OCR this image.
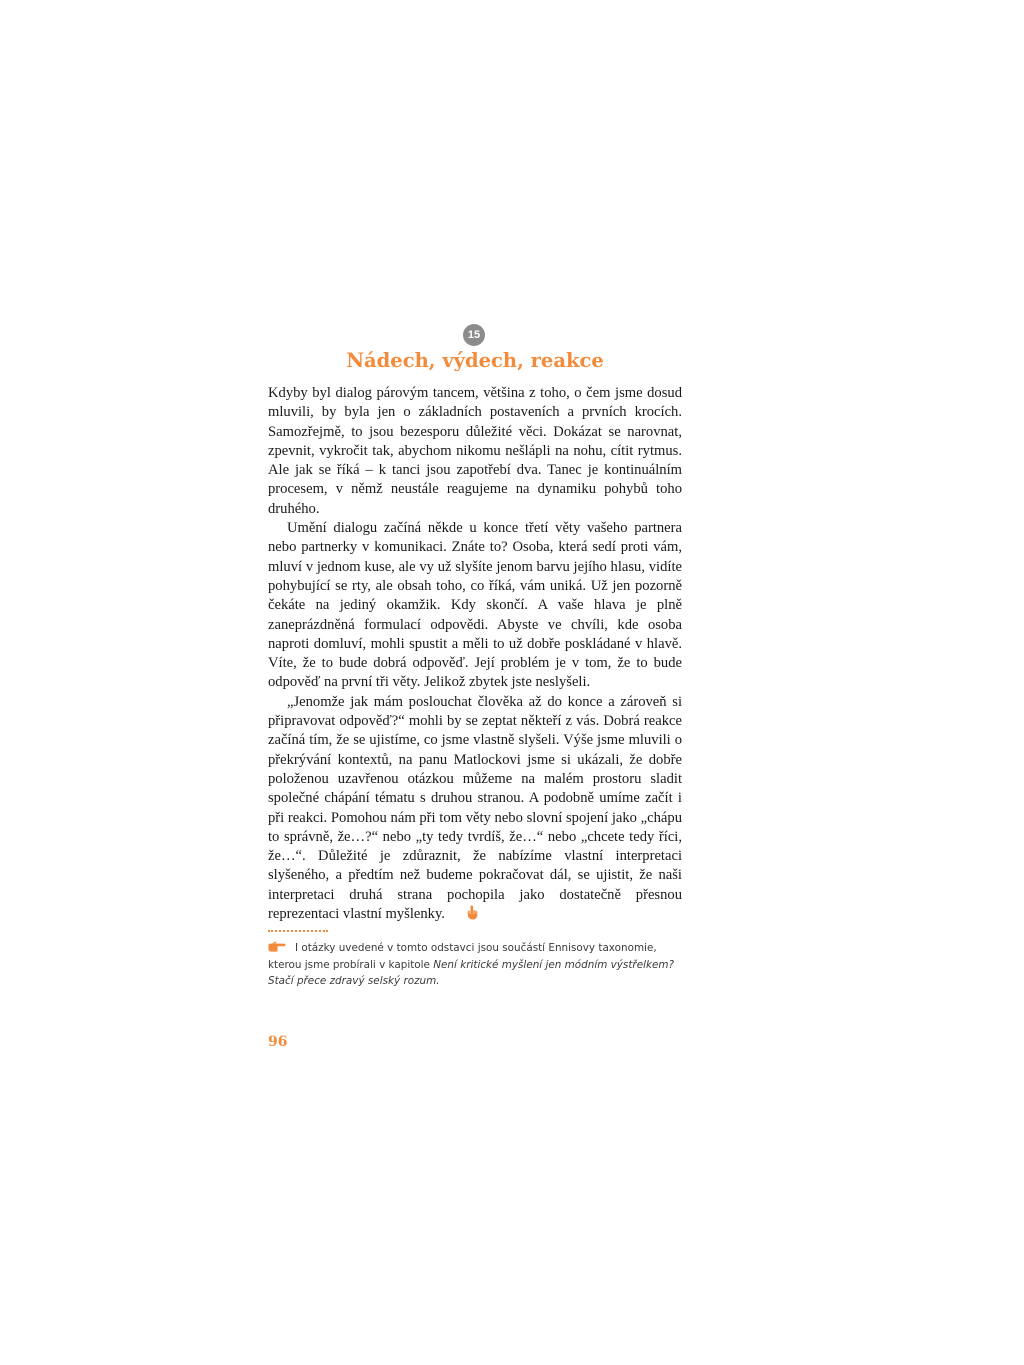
15
Nádech, výdech, reakce

Kdyby byl dialog párovým tancem, většina z toho, o čem jsme dosud mluvili, by byla jen o základních postaveních a prvních krocích. Samozřejmě, to jsou bezesporu důležité věci. Dokázat se narovnat, zpevnit, vykročit tak, abychom nikomu nešlápli na nohu, cítit rytmus. Ale jak se říká – k tanci jsou zapotřebí dva. Tanec je kontinuálním procesem, v němž neustále reagujeme na dynamiku pohybů toho druhého.

Umění dialogu začíná někde u konce třetí věty vašeho partnera nebo partnerky v komunikaci. Znáte to? Osoba, která sedí proti vám, mluví v jednom kuse, ale vy už slyšíte jenom barvu jejího hlasu, vidíte pohybující se rty, ale obsah toho, co říká, vám uniká. Už jen pozorně čekáte na jediný okamžik. Kdy skončí. A vaše hlava je plně zaneprázdněná formulací odpovědi. Abyste ve chvíli, kde osoba naproti domluví, mohli spustit a měli to už dobře poskládané v hlavě. Víte, že to bude dobrá odpověď. Její problém je v tom, že to bude odpověď na první tři věty. Jelikož zbytek jste neslyšeli.

„Jenomže jak mám poslouchat člověka až do konce a zároveň si připravovat odpověď?“ mohli by se zeptat někteří z vás. Dobrá reakce začíná tím, že se ujistíme, co jsme vlastně slyšeli. Výše jsme mluvili o překrývání kontextů, na panu Matlockovi jsme si ukázali, že dobře položenou uzavřenou otázkou můžeme na malém prostoru sladit společné chápání tématu s druhou stranou. A podobně umíme začít i při reakci. Pomohou nám při tom věty nebo slovní spojení jako „chápu to správně, že…?“ nebo „ty tedy tvrdíš, že…“ nebo „chcete tedy říci, že…“. Důležité je zdůraznit, že nabízíme vlastní interpretaci slyšeného, a předtím než budeme pokračovat dál, se ujistit, že naši interpretaci druhá strana pochopila jako dostatečně přesnou reprezentaci vlastní myšlenky.

I otázky uvedené v tomto odstavci jsou součástí Ennisovy taxonomie, kterou jsme probírali v kapitole Není kritické myšlení jen módním výstřelkem? Stačí přece zdravý selský rozum.
96
